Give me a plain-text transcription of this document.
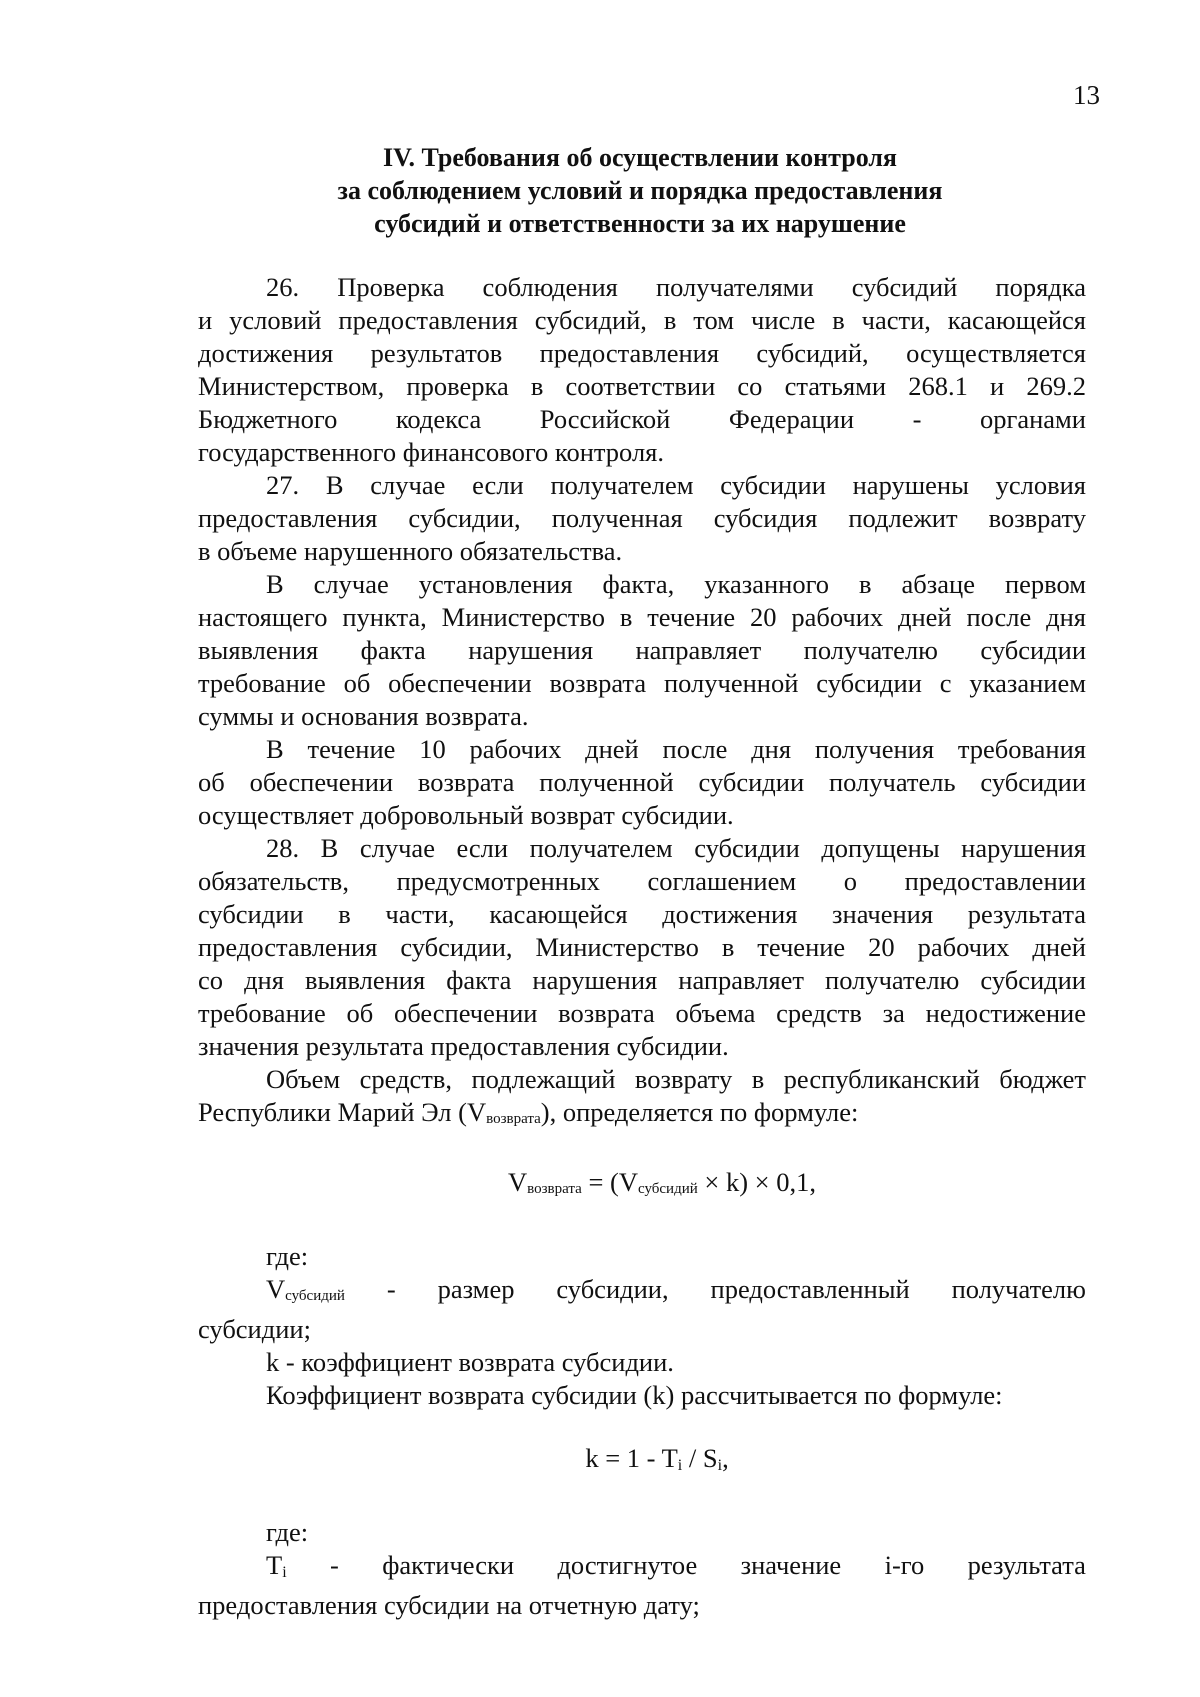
13
IV. Требования об осуществлении контроля
за соблюдением условий и порядка предоставления
субсидий и ответственности за их нарушение
26. Проверка соблюдения получателями субсидий порядка
и условий предоставления субсидий, в том числе в части, касающейся
достижения результатов предоставления субсидий, осуществляется
Министерством, проверка в соответствии со статьями 268.1 и 269.2
Бюджетного кодекса Российской Федерации - органами
государственного финансового контроля.
27. В случае если получателем субсидии нарушены условия
предоставления субсидии, полученная субсидия подлежит возврату
в объеме нарушенного обязательства.
В случае установления факта, указанного в абзаце первом
настоящего пункта, Министерство в течение 20 рабочих дней после дня
выявления факта нарушения направляет получателю субсидии
требование об обеспечении возврата полученной субсидии с указанием
суммы и основания возврата.
В течение 10 рабочих дней после дня получения требования
об обеспечении возврата полученной субсидии получатель субсидии
осуществляет добровольный возврат субсидии.
28. В случае если получателем субсидии допущены нарушения
обязательств, предусмотренных соглашением о предоставлении
субсидии в части, касающейся достижения значения результата
предоставления субсидии, Министерство в течение 20 рабочих дней
со дня выявления факта нарушения направляет получателю субсидии
требование об обеспечении возврата объема средств за недостижение
значения результата предоставления субсидии.
Объем средств, подлежащий возврату в республиканский бюджет
Республики Марий Эл (Vвозврата), определяется по формуле:
Vвозврата = (Vсубсидий × k) × 0,1,
где:
Vсубсидий - размер субсидии, предоставленный получателю
субсидии;
k - коэффициент возврата субсидии.
Коэффициент возврата субсидии (k) рассчитывается по формуле:
k = 1 - Ti / Si,
где:
Ti - фактически достигнутое значение i-го результата
предоставления субсидии на отчетную дату;
